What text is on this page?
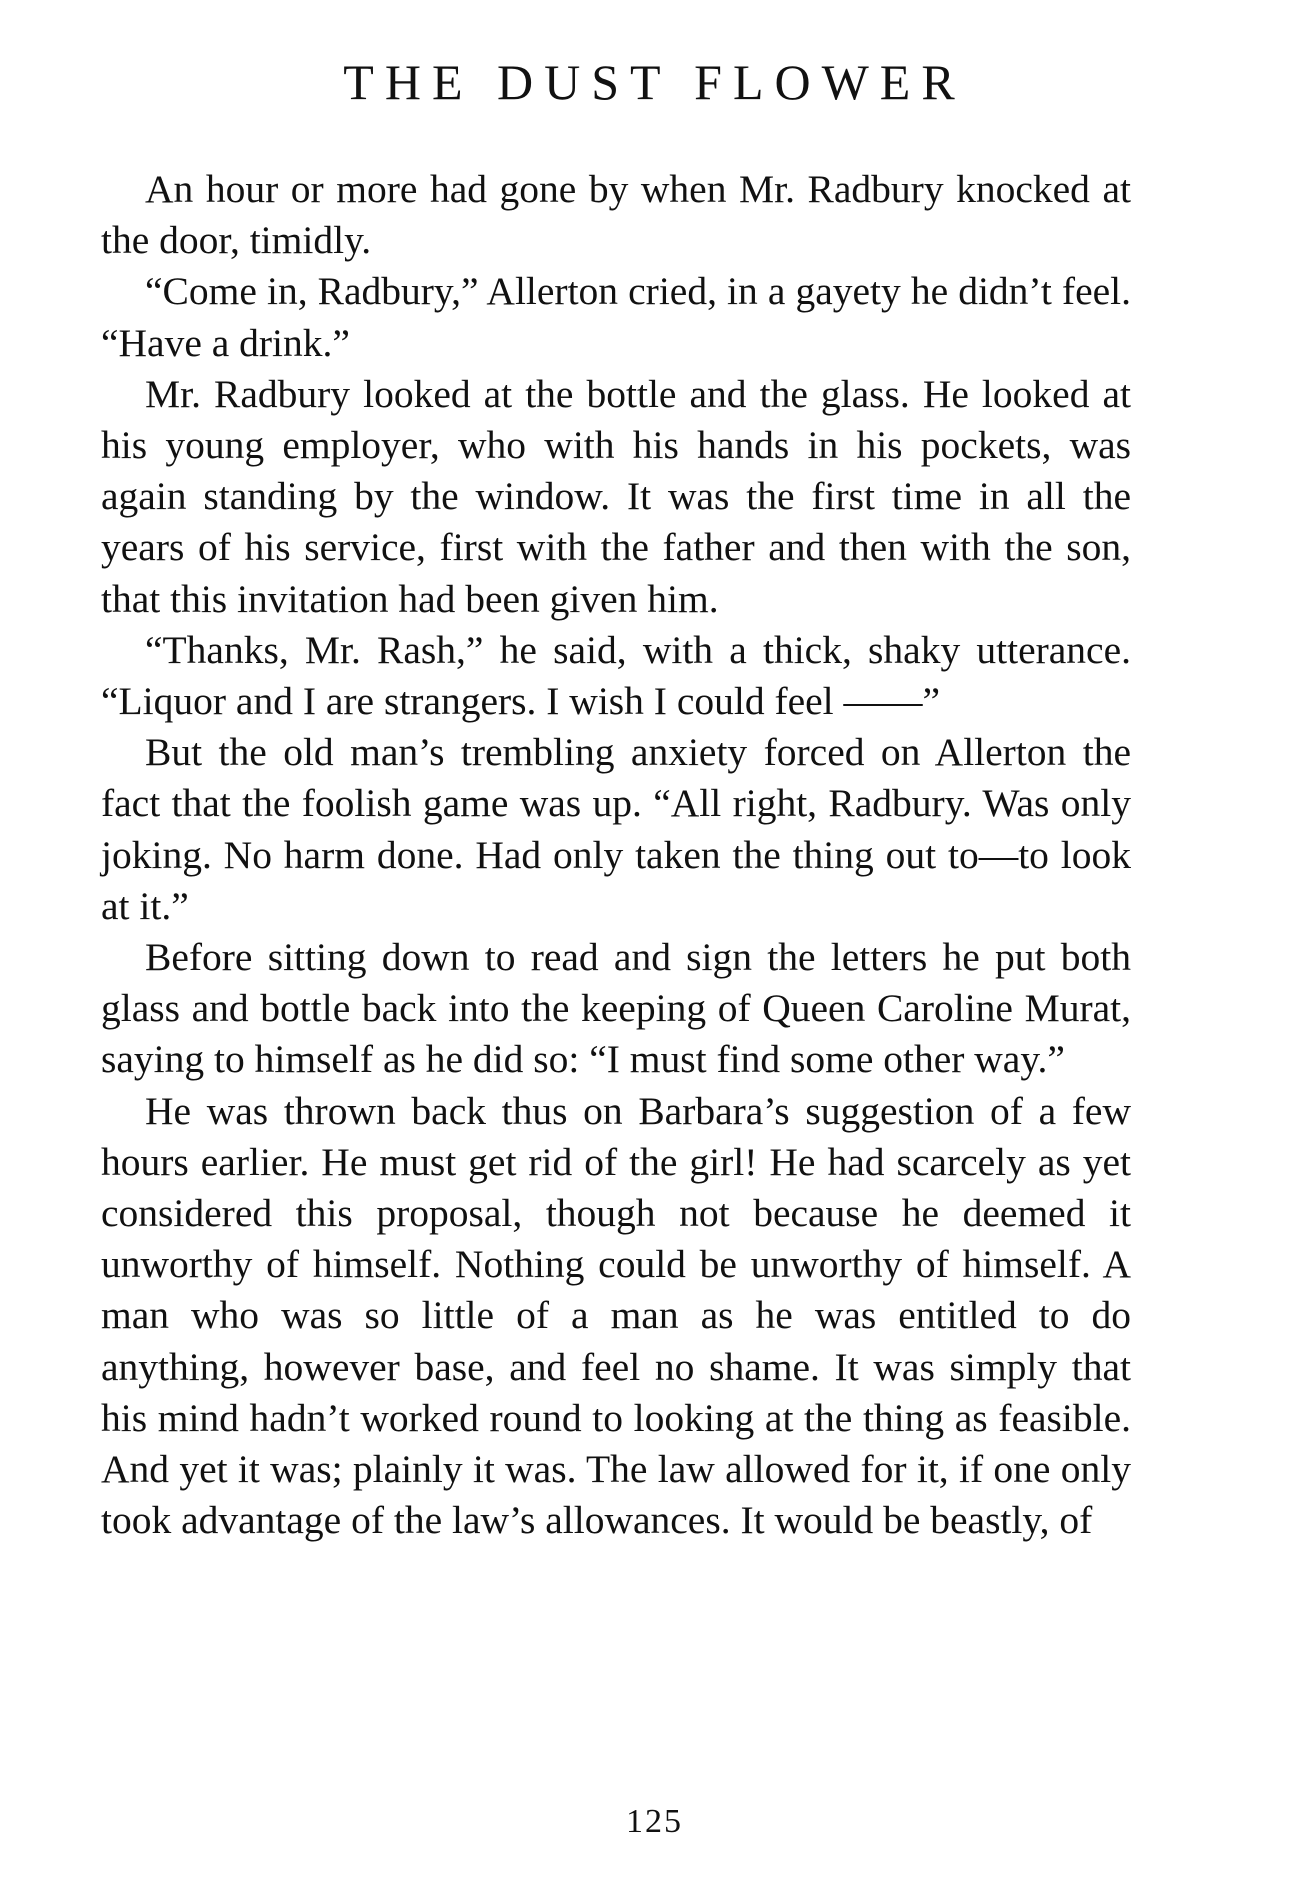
THE DUST FLOWER

An hour or more had gone by when Mr. Radbury knocked at the door, timidly.

“Come in, Radbury,” Allerton cried, in a gayety he didn’t feel. “Have a drink.”

Mr. Radbury looked at the bottle and the glass. He looked at his young employer, who with his hands in his pockets, was again standing by the window. It was the first time in all the years of his service, first with the father and then with the son, that this invitation had been given him.

“Thanks, Mr. Rash,” he said, with a thick, shaky utterance. “Liquor and I are strangers. I wish I could feel ——”

But the old man’s trembling anxiety forced on Allerton the fact that the foolish game was up. “All right, Radbury. Was only joking. No harm done. Had only taken the thing out to—to look at it.”

Before sitting down to read and sign the letters he put both glass and bottle back into the keeping of Queen Caroline Murat, saying to himself as he did so: “I must find some other way.”

He was thrown back thus on Barbara’s suggestion of a few hours earlier. He must get rid of the girl! He had scarcely as yet considered this proposal, though not because he deemed it unworthy of himself. Nothing could be unworthy of himself. A man who was so little of a man as he was entitled to do anything, however base, and feel no shame. It was simply that his mind hadn’t worked round to looking at the thing as feasible. And yet it was; plainly it was. The law allowed for it, if one only took advantage of the law’s allowances. It would be beastly, of

125
